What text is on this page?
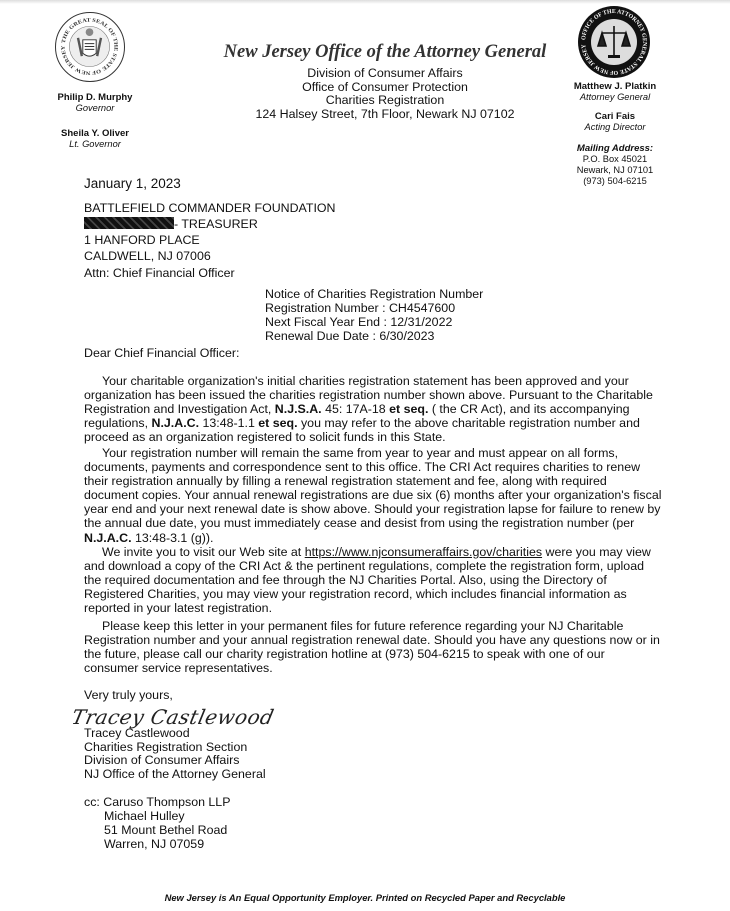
THE GREAT SEAL OF THE STATE OF NEW JERSEY
OFFICE OF THE ATTORNEY GENERAL STATE OF NEW JERSEY
New Jersey Office of the Attorney General
Division of Consumer Affairs
Office of Consumer Protection
Charities Registration
124 Halsey Street, 7th Floor, Newark NJ 07102
Philip D. Murphy
Governor
Sheila Y. Oliver
Lt. Governor
Matthew J. Platkin
Attorney General
Cari Fais
Acting Director
Mailing Address:
P.O. Box 45021
Newark, NJ 07101
(973) 504-6215
January 1, 2023
BATTLEFIELD COMMANDER FOUNDATION
- TREASURER
1 HANFORD PLACE
CALDWELL, NJ 07006
Attn: Chief Financial Officer
Notice of Charities Registration Number
Registration Number : CH4547600
Next Fiscal Year End : 12/31/2022
Renewal Due Date : 6/30/2023
Dear Chief Financial Officer:
Your charitable organization's initial charities registration statement has been approved and your organization has been issued the charities registration number shown above. Pursuant to the Charitable Registration and Investigation Act, N.J.S.A. 45: 17A-18 et seq. ( the CR Act), and its accompanying regulations, N.J.A.C. 13:48-1.1 et seq. you may refer to the above charitable registration number and proceed as an organization registered to solicit funds in this State.
Your registration number will remain the same from year to year and must appear on all forms, documents, payments and correspondence sent to this office. The CRI Act requires charities to renew their registration annually by filling a renewal registration statement and fee, along with required document copies. Your annual renewal registrations are due six (6) months after your organization's fiscal year end and your next renewal date is show above. Should your registration lapse for failure to renew by the annual due date, you must immediately cease and desist from using the registration number (per N.J.A.C. 13:48-3.1 (g)).
We invite you to visit our Web site at https://www.njconsumeraffairs.gov/charities were you may view and download a copy of the CRI Act & the pertinent regulations, complete the registration form, upload the required documentation and fee through the NJ Charities Portal. Also, using the Directory of Registered Charities, you may view your registration record, which includes financial information as reported in your latest registration.
Please keep this letter in your permanent files for future reference regarding your NJ Charitable Registration number and your annual registration renewal date. Should you have any questions now or in the future, please call our charity registration hotline at (973) 504-6215 to speak with one of our consumer service representatives.
Very truly yours,
Tracey Castlewood
Tracey Castlewood
Charities Registration Section
Division of Consumer Affairs
NJ Office of the Attorney General
cc: Caruso Thompson LLP
Michael Hulley
51 Mount Bethel Road
Warren, NJ 07059
New Jersey is An Equal Opportunity Employer. Printed on Recycled Paper and Recyclable
